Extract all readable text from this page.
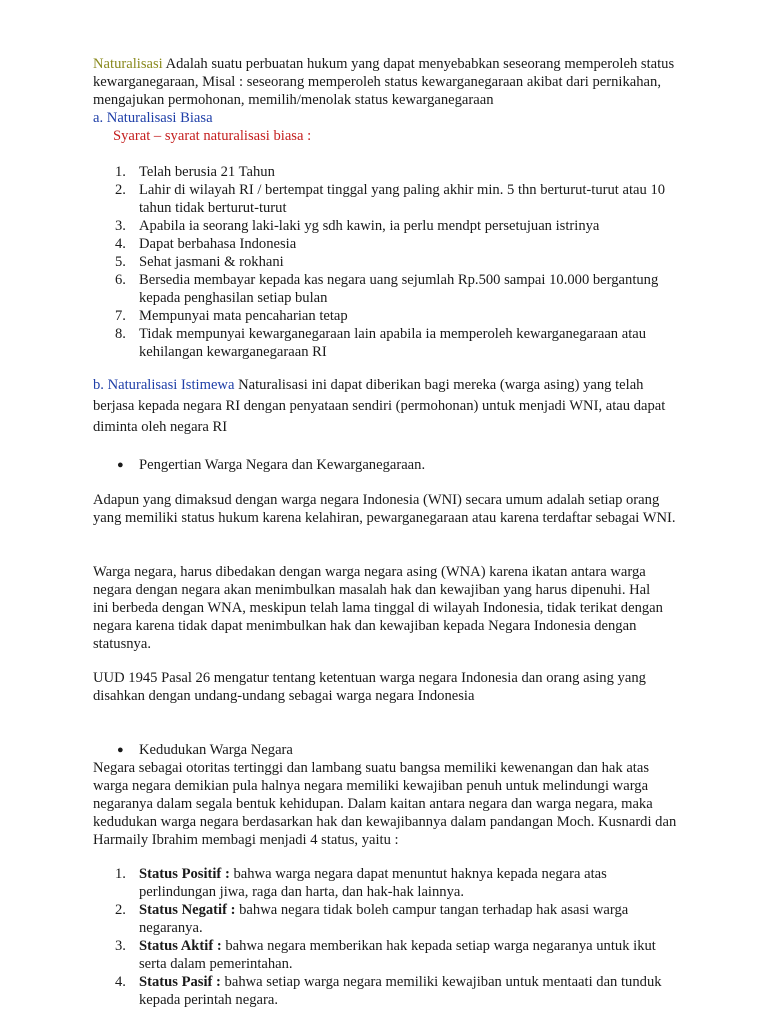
Naturalisasi Adalah suatu perbuatan hukum yang dapat menyebabkan seseorang memperoleh status kewarganegaraan, Misal : seseorang memperoleh status kewarganegaraan akibat dari pernikahan, mengajukan permohonan, memilih/menolak status kewarganegaraan

a. Naturalisasi Biasa

Syarat – syarat naturalisasi biasa :

1. Telah berusia 21 Tahun
2. Lahir di wilayah RI / bertempat tinggal yang paling akhir min. 5 thn berturut-turut atau 10 tahun tidak berturut-turut
3. Apabila ia seorang laki-laki yg sdh kawin, ia perlu mendpt persetujuan istrinya
4. Dapat berbahasa Indonesia
5. Sehat jasmani & rokhani
6. Bersedia membayar kepada kas negara uang sejumlah Rp.500 sampai 10.000 bergantung kepada penghasilan setiap bulan
7. Mempunyai mata pencaharian tetap
8. Tidak mempunyai kewarganegaraan lain apabila ia memperoleh kewarganegaraan atau kehilangan kewarganegaraan RI

b. Naturalisasi Istimewa Naturalisasi ini dapat diberikan bagi mereka (warga asing) yang telah berjasa kepada negara RI dengan penyataan sendiri (permohonan) untuk menjadi WNI, atau dapat diminta oleh negara RI

● Pengertian Warga Negara dan Kewarganegaraan.

Adapun yang dimaksud dengan warga negara Indonesia (WNI) secara umum adalah setiap orang yang memiliki status hukum karena kelahiran, pewarganegaraan atau karena terdaftar sebagai WNI.

Warga negara, harus dibedakan dengan warga negara asing (WNA) karena ikatan antara warga negara dengan negara akan menimbulkan masalah hak dan kewajiban yang harus dipenuhi. Hal ini berbeda dengan WNA, meskipun telah lama tinggal di wilayah Indonesia, tidak terikat dengan negara karena tidak dapat menimbulkan hak dan kewajiban kepada Negara Indonesia dengan statusnya.

UUD 1945 Pasal 26 mengatur tentang ketentuan warga negara Indonesia dan orang asing yang disahkan dengan undang-undang sebagai warga negara Indonesia

● Kedudukan Warga Negara

Negara sebagai otoritas tertinggi dan lambang suatu bangsa memiliki kewenangan dan hak atas warga negara demikian pula halnya negara memiliki kewajiban penuh untuk melindungi warga negaranya dalam segala bentuk kehidupan. Dalam kaitan antara negara dan warga negara, maka kedudukan warga negara berdasarkan hak dan kewajibannya dalam pandangan Moch. Kusnardi dan Harmaily Ibrahim membagi menjadi 4 status, yaitu :

1. Status Positif : bahwa warga negara dapat menuntut haknya kepada negara atas perlindungan jiwa, raga dan harta, dan hak-hak lainnya.
2. Status Negatif : bahwa negara tidak boleh campur tangan terhadap hak asasi warga negaranya.
3. Status Aktif : bahwa negara memberikan hak kepada setiap warga negaranya untuk ikut serta dalam pemerintahan.
4. Status Pasif : bahwa setiap warga negara memiliki kewajiban untuk mentaati dan tunduk kepada perintah negara.
